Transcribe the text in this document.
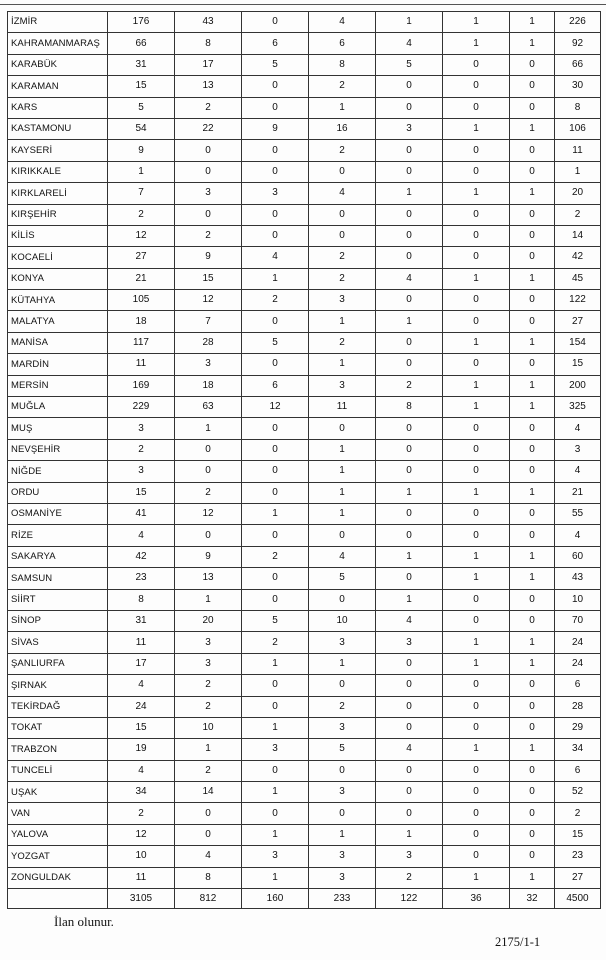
İZMİR	176	43	0	4	1	1	1	226
KAHRAMANMARAŞ	66	8	6	6	4	1	1	92
KARABÜK	31	17	5	8	5	0	0	66
KARAMAN	15	13	0	2	0	0	0	30
KARS	5	2	0	1	0	0	0	8
KASTAMONU	54	22	9	16	3	1	1	106
KAYSERİ	9	0	0	2	0	0	0	11
KIRIKKALE	1	0	0	0	0	0	0	1
KIRKLARELİ	7	3	3	4	1	1	1	20
KIRŞEHİR	2	0	0	0	0	0	0	2
KİLİS	12	2	0	0	0	0	0	14
KOCAELİ	27	9	4	2	0	0	0	42
KONYA	21	15	1	2	4	1	1	45
KÜTAHYA	105	12	2	3	0	0	0	122
MALATYA	18	7	0	1	1	0	0	27
MANİSA	117	28	5	2	0	1	1	154
MARDİN	11	3	0	1	0	0	0	15
MERSİN	169	18	6	3	2	1	1	200
MUĞLA	229	63	12	11	8	1	1	325
MUŞ	3	1	0	0	0	0	0	4
NEVŞEHİR	2	0	0	1	0	0	0	3
NİĞDE	3	0	0	1	0	0	0	4
ORDU	15	2	0	1	1	1	1	21
OSMANİYE	41	12	1	1	0	0	0	55
RİZE	4	0	0	0	0	0	0	4
SAKARYA	42	9	2	4	1	1	1	60
SAMSUN	23	13	0	5	0	1	1	43
SİİRT	8	1	0	0	1	0	0	10
SİNOP	31	20	5	10	4	0	0	70
SİVAS	11	3	2	3	3	1	1	24
ŞANLIURFA	17	3	1	1	0	1	1	24
ŞIRNAK	4	2	0	0	0	0	0	6
TEKİRDAĞ	24	2	0	2	0	0	0	28
TOKAT	15	10	1	3	0	0	0	29
TRABZON	19	1	3	5	4	1	1	34
TUNCELİ	4	2	0	0	0	0	0	6
UŞAK	34	14	1	3	0	0	0	52
VAN	2	0	0	0	0	0	0	2
YALOVA	12	0	1	1	1	0	0	15
YOZGAT	10	4	3	3	3	0	0	23
ZONGULDAK	11	8	1	3	2	1	1	27
	3105	812	160	233	122	36	32	4500
İlan olunur.
2175/1-1
